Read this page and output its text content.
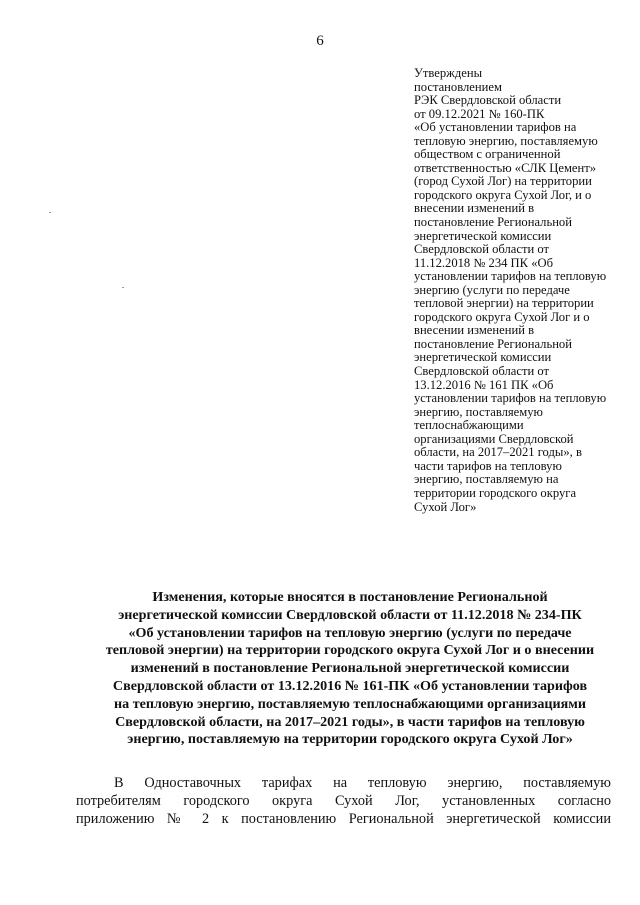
6
Утверждены
постановлением
РЭК Свердловской области
от 09.12.2021 № 160-ПК
«Об установлении тарифов на
тепловую энергию, поставляемую
обществом с ограниченной
ответственностью «СЛК Цемент»
(город Сухой Лог) на территории
городского округа Сухой Лог, и о
внесении изменений в
постановление Региональной
энергетической комиссии
Свердловской области от
11.12.2018 № 234 ПК «Об
установлении тарифов на тепловую
энергию (услуги по передаче
тепловой энергии) на территории
городского округа Сухой Лог и о
внесении изменений в
постановление Региональной
энергетической комиссии
Свердловской области от
13.12.2016 № 161 ПК «Об
установлении тарифов на тепловую
энергию, поставляемую
теплоснабжающими
организациями Свердловской
области, на 2017–2021 годы», в
части тарифов на тепловую
энергию, поставляемую на
территории городского округа
Сухой Лог»
Изменения, которые вносятся в постановление Региональной
энергетической комиссии Свердловской области от 11.12.2018 № 234-ПК
«Об установлении тарифов на тепловую энергию (услуги по передаче
тепловой энергии) на территории городского округа Сухой Лог и о внесении
изменений в постановление Региональной энергетической комиссии
Свердловской области от 13.12.2016 № 161-ПК «Об установлении тарифов
на тепловую энергию, поставляемую теплоснабжающими организациями
Свердловской области, на 2017–2021 годы», в части тарифов на тепловую
энергию, поставляемую на территории городского округа Сухой Лог»
В Одноставочных тарифах на тепловую энергию, поставляемую
потребителям городского округа Сухой Лог, установленных согласно
приложению № 2 к постановлению Региональной энергетической комиссии
